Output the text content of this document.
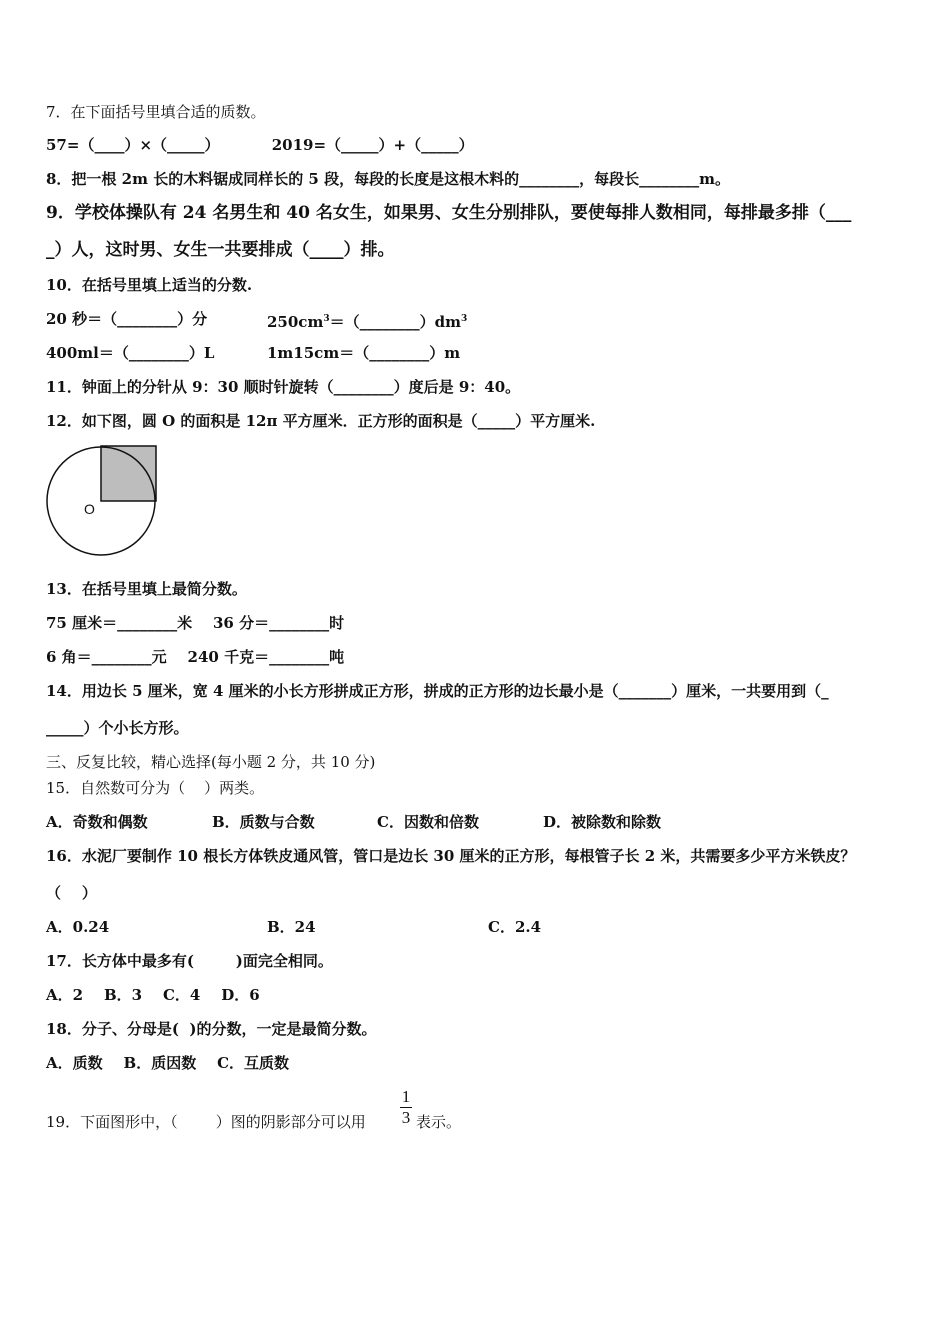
7．在下面括号里填合适的质数。
57=（____）×（_____）          2019=（_____）+（_____）
8．把一根 2m 长的木料锯成同样长的 5 段，每段的长度是这根木料的________，每段长________m。
9．学校体操队有 24 名男生和 40 名女生，如果男、女生分别排队，要使每排人数相同，每排最多排（___
_）人，这时男、女生一共要排成（____）排。
10．在括号里填上适当的分数.
20 秒＝（________）分	$250cm^3=(\_\_\_\_\_\_\_\_)dm^3$
400ml＝（________）L	1m15cm＝（________）m
11．钟面上的分针从 9：30 顺时针旋转（________）度后是 9：40。
12．如下图，圆 O 的面积是 12π 平方厘米．正方形的面积是（_____）平方厘米.
O
13．在括号里填上最简分数。
75 厘米＝________米    36 分＝________时
6 角＝________元    240 千克＝________吨
14．用边长 5 厘米，宽 4 厘米的小长方形拼成正方形，拼成的正方形的边长最小是（_______）厘米，一共要用到（_
_____）个小长方形。
三、反复比较，精心选择(每小题 2 分，共 10 分)
15．自然数可分为（    ）两类。
A．奇数和偶数	B．质数与合数	C．因数和倍数	D．被除数和除数
16．水泥厂要制作 10 根长方体铁皮通风管，管口是边长 30 厘米的正方形，每根管子长 2 米，共需要多少平方米铁皮？
（    ）
A．0.24	B．24	C．2.4
17．长方体中最多有(        )面完全相同。
A．2    B．3    C．4    D．6
18．分子、分母是(  )的分数，一定是最简分数。
A．质数    B．质因数    C．互质数
19．下面图形中，（        ）图的阴影部分可以用
1
3 表示。
